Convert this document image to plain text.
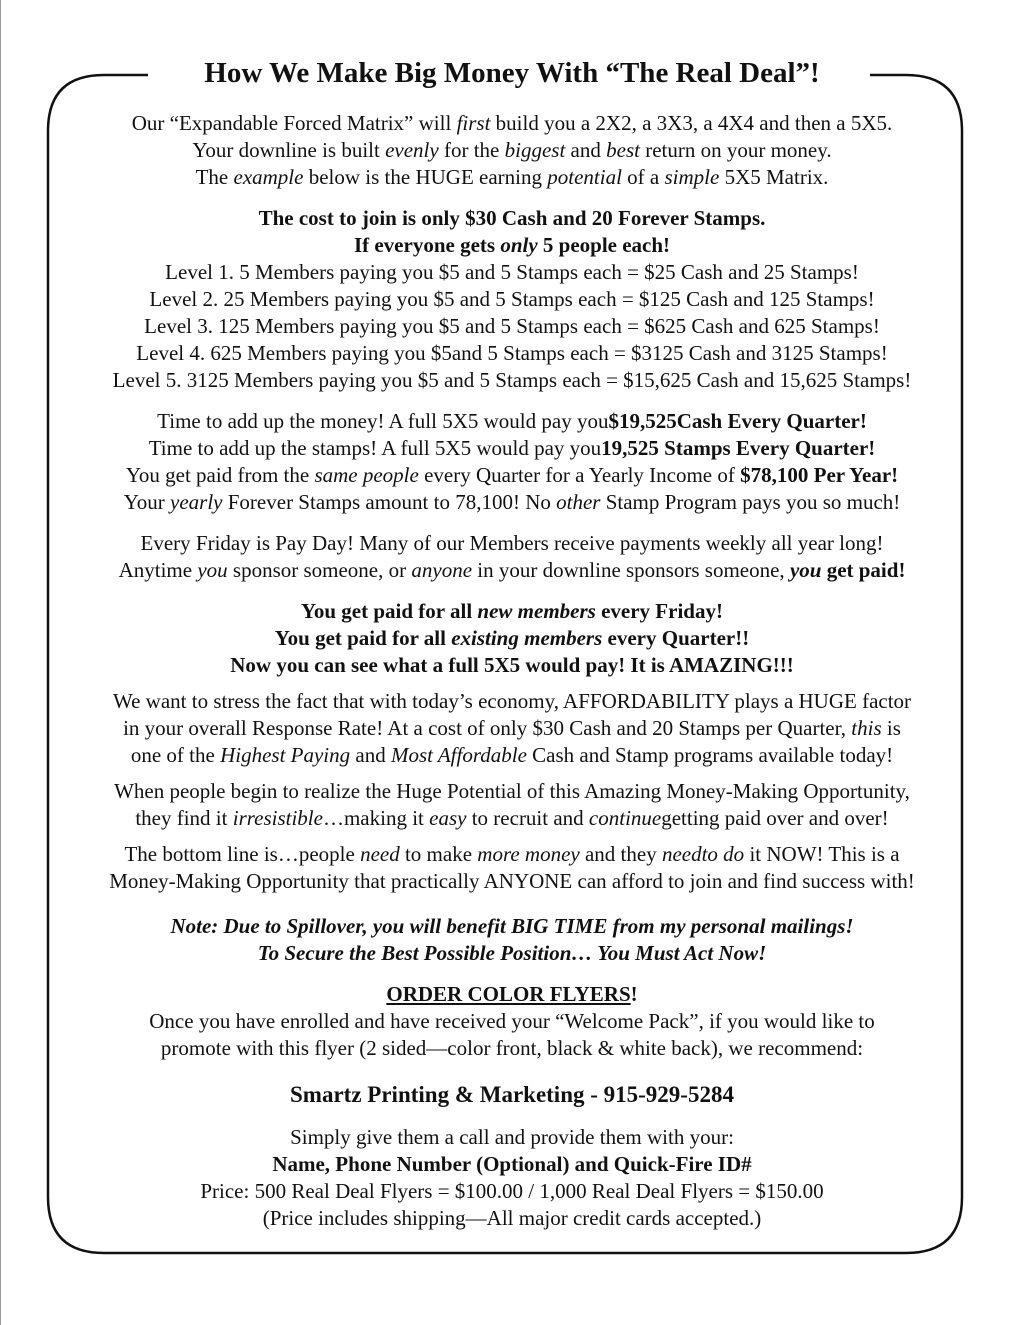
How We Make Big Money With “The Real Deal”!
Our “Expandable Forced Matrix” will first build you a 2X2, a 3X3, a 4X4 and then a 5X5.
Your downline is built evenly for the biggest and best return on your money.
The example below is the HUGE earning potential of a simple 5X5 Matrix.
The cost to join is only $30 Cash and 20 Forever Stamps.
If everyone gets only 5 people each!
Level 1. 5 Members paying you $5 and 5 Stamps each = $25 Cash and 25 Stamps!
Level 2. 25 Members paying you $5 and 5 Stamps each = $125 Cash and 125 Stamps!
Level 3. 125 Members paying you $5 and 5 Stamps each = $625 Cash and 625 Stamps!
Level 4. 625 Members paying you $5and 5 Stamps each = $3125 Cash and 3125 Stamps!
Level 5. 3125 Members paying you $5 and 5 Stamps each = $15,625 Cash and 15,625 Stamps!
Time to add up the money! A full 5X5 would pay you$19,525Cash Every Quarter!
Time to add up the stamps! A full 5X5 would pay you19,525 Stamps Every Quarter!
You get paid from the same people every Quarter for a Yearly Income of $78,100 Per Year!
Your yearly Forever Stamps amount to 78,100! No other Stamp Program pays you so much!
Every Friday is Pay Day! Many of our Members receive payments weekly all year long!
Anytime you sponsor someone, or anyone in your downline sponsors someone, you get paid!
You get paid for all new members every Friday!
You get paid for all existing members every Quarter!!
Now you can see what a full 5X5 would pay! It is AMAZING!!!
We want to stress the fact that with today’s economy, AFFORDABILITY plays a HUGE factor
in your overall Response Rate! At a cost of only $30 Cash and 20 Stamps per Quarter, this is
one of the Highest Paying and Most Affordable Cash and Stamp programs available today!
When people begin to realize the Huge Potential of this Amazing Money-Making Opportunity,
they find it irresistible…making it easy to recruit and continuegetting paid over and over!
The bottom line is…people need to make more money and they needto do it NOW! This is a
Money-Making Opportunity that practically ANYONE can afford to join and find success with!
Note: Due to Spillover, you will benefit BIG TIME from my personal mailings!
To Secure the Best Possible Position… You Must Act Now!
ORDER COLOR FLYERS!
Once you have enrolled and have received your “Welcome Pack”, if you would like to
promote with this flyer (2 sided—color front, black & white back), we recommend:
Smartz Printing & Marketing - 915-929-5284
Simply give them a call and provide them with your:
Name, Phone Number (Optional) and Quick-Fire ID#
Price: 500 Real Deal Flyers = $100.00 / 1,000 Real Deal Flyers = $150.00
(Price includes shipping—All major credit cards accepted.)
